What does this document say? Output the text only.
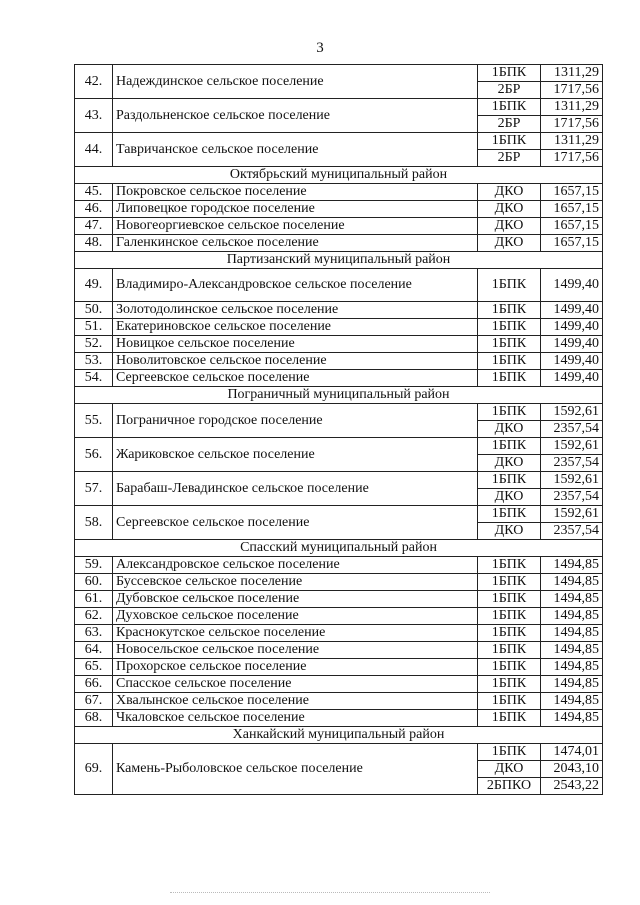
3
42.	Надеждинское сельское поселение	1БПК	1311,29
		2БР	1717,56
43.	Раздольненское сельское поселение	1БПК	1311,29
		2БР	1717,56
44.	Тавричанское сельское поселение	1БПК	1311,29
		2БР	1717,56
Октябрьский муниципальный район			
45.	Покровское сельское поселение	ДКО	1657,15
46.	Липовецкое городское поселение	ДКО	1657,15
47.	Новогеоргиевское сельское поселение	ДКО	1657,15
48.	Галенкинское сельское поселение	ДКО	1657,15
Партизанский муниципальный район			
49.	Владимиро-Александровское сельское поселение	1БПК	1499,40
50.	Золотодолинское сельское поселение	1БПК	1499,40
51.	Екатериновское сельское поселение	1БПК	1499,40
52.	Новицкое сельское поселение	1БПК	1499,40
53.	Новолитовское сельское поселение	1БПК	1499,40
54.	Сергеевское сельское поселение	1БПК	1499,40
Пограничный муниципальный район			
55.	Пограничное городское поселение	1БПК	1592,61
		ДКО	2357,54
56.	Жариковское сельское поселение	1БПК	1592,61
		ДКО	2357,54
57.	Барабаш-Левадинское сельское поселение	1БПК	1592,61
		ДКО	2357,54
58.	Сергеевское сельское поселение	1БПК	1592,61
		ДКО	2357,54
Спасский муниципальный район			
59.	Александровское сельское поселение	1БПК	1494,85
60.	Буссевское сельское поселение	1БПК	1494,85
61.	Дубовское сельское поселение	1БПК	1494,85
62.	Духовское сельское поселение	1БПК	1494,85
63.	Краснокутское сельское поселение	1БПК	1494,85
64.	Новосельское сельское поселение	1БПК	1494,85
65.	Прохорское сельское поселение	1БПК	1494,85
66.	Спасское сельское поселение	1БПК	1494,85
67.	Хвалынское сельское поселение	1БПК	1494,85
68.	Чкаловское сельское поселение	1БПК	1494,85
Ханкайский муниципальный район			
69.	Камень-Рыболовское сельское поселение	1БПК	1474,01
		ДКО	2043,10
		2БПКО	2543,22
